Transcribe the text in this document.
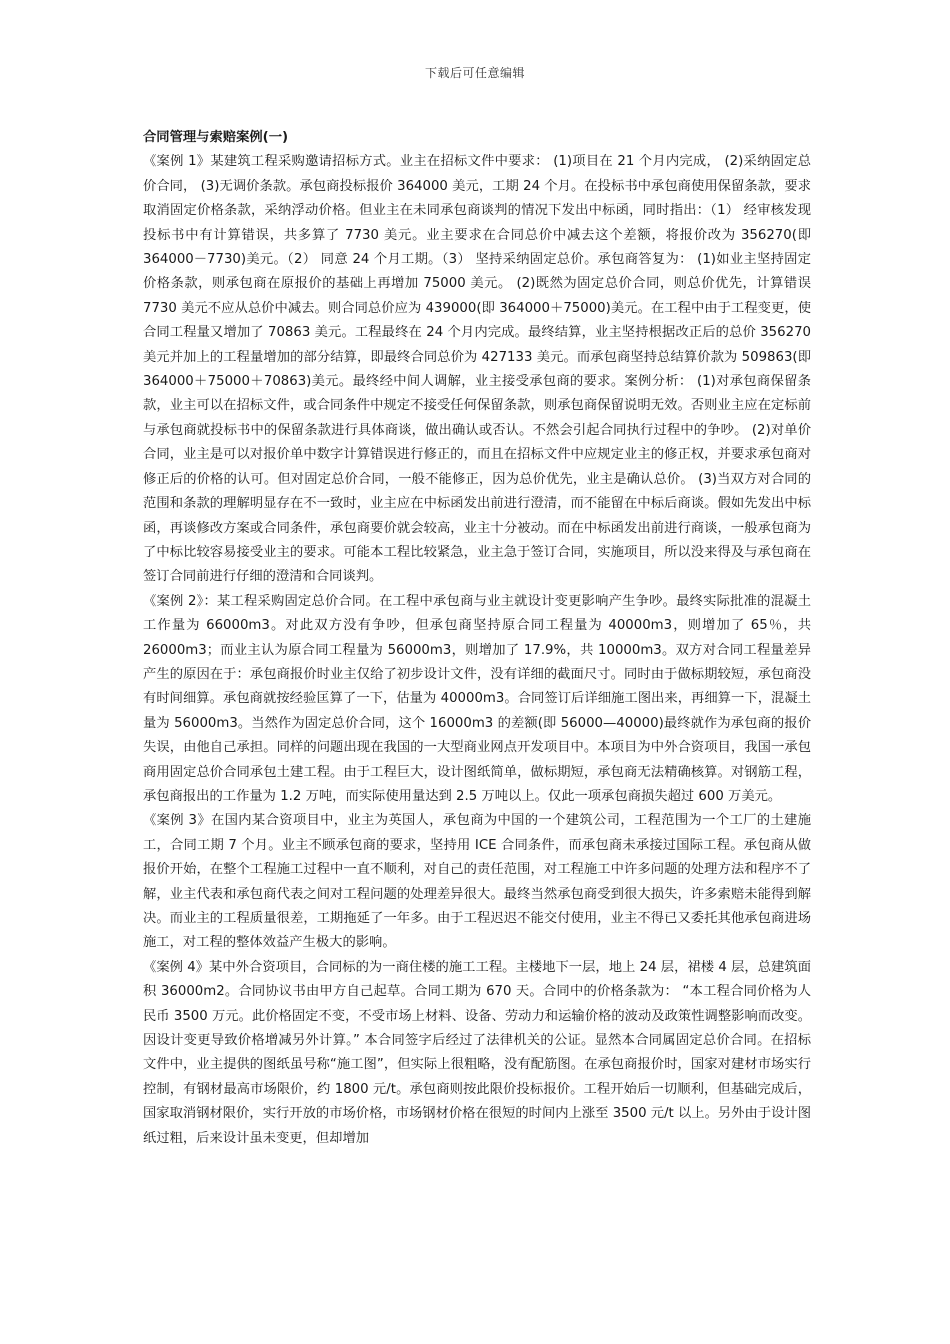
下载后可任意编辑

合同管理与索赔案例(一)

《案例 1》某建筑工程采购邀请招标方式。业主在招标文件中要求： (1)项目在 21 个月内完成， (2)采纳固定总价合同， (3)无调价条款。承包商投标报价 364000 美元，工期 24 个月。在投标书中承包商使用保留条款，要求取消固定价格条款，采纳浮动价格。但业主在未同承包商谈判的情况下发出中标函，同时指出：（1） 经审核发现投标书中有计算错误，共多算了 7730 美元。业主要求在合同总价中减去这个差额，将报价改为 356270(即 364000－7730)美元。（2） 同意 24 个月工期。（3） 坚持采纳固定总价。承包商答复为： (1)如业主坚持固定价格条款，则承包商在原报价的基础上再增加 75000 美元。 (2)既然为固定总价合同，则总价优先，计算错误 7730 美元不应从总价中减去。则合同总价应为 439000(即 364000＋75000)美元。在工程中由于工程变更，使合同工程量又增加了 70863 美元。工程最终在 24 个月内完成。最终结算，业主坚持根据改正后的总价 356270 美元并加上的工程量增加的部分结算，即最终合同总价为 427133 美元。而承包商坚持总结算价款为 509863(即 364000＋75000＋70863)美元。最终经中间人调解，业主接受承包商的要求。案例分析： (1)对承包商保留条款，业主可以在招标文件，或合同条件中规定不接受任何保留条款，则承包商保留说明无效。否则业主应在定标前与承包商就投标书中的保留条款进行具体商谈，做出确认或否认。不然会引起合同执行过程中的争吵。 (2)对单价合同，业主是可以对报价单中数字计算错误进行修正的，而且在招标文件中应规定业主的修正权，并要求承包商对修正后的价格的认可。但对固定总价合同，一般不能修正，因为总价优先，业主是确认总价。 (3)当双方对合同的范围和条款的理解明显存在不一致时，业主应在中标函发出前进行澄清，而不能留在中标后商谈。假如先发出中标函，再谈修改方案或合同条件，承包商要价就会较高，业主十分被动。而在中标函发出前进行商谈，一般承包商为了中标比较容易接受业主的要求。可能本工程比较紧急，业主急于签订合同，实施项目，所以没来得及与承包商在签订合同前进行仔细的澄清和合同谈判。

《案例 2》：某工程采购固定总价合同。在工程中承包商与业主就设计变更影响产生争吵。最终实际批准的混凝土工作量为 66000m3。对此双方没有争吵，但承包商坚持原合同工程量为 40000m3，则增加了 65％，共 26000m3；而业主认为原合同工程量为 56000m3，则增加了 17.9%，共 10000m3。双方对合同工程量差异产生的原因在于：承包商报价时业主仅给了初步设计文件，没有详细的截面尺寸。同时由于做标期较短，承包商没有时间细算。承包商就按经验匡算了一下，估量为 40000m3。合同签订后详细施工图出来，再细算一下，混凝土量为 56000m3。当然作为固定总价合同，这个 16000m3 的差额(即 56000—40000)最终就作为承包商的报价失误，由他自己承担。同样的问题出现在我国的一大型商业网点开发项目中。本项目为中外合资项目，我国一承包商用固定总价合同承包土建工程。由于工程巨大，设计图纸简单，做标期短，承包商无法精确核算。对钢筋工程，承包商报出的工作量为 1.2 万吨，而实际使用量达到 2.5 万吨以上。仅此一项承包商损失超过 600 万美元。

《案例 3》在国内某合资项目中，业主为英国人，承包商为中国的一个建筑公司，工程范围为一个工厂的土建施工，合同工期 7 个月。业主不顾承包商的要求，坚持用 ICE 合同条件，而承包商未承接过国际工程。承包商从做报价开始，在整个工程施工过程中一直不顺利，对自己的责任范围，对工程施工中许多问题的处理方法和程序不了解，业主代表和承包商代表之间对工程问题的处理差异很大。最终当然承包商受到很大损失，许多索赔未能得到解决。而业主的工程质量很差，工期拖延了一年多。由于工程迟迟不能交付使用，业主不得已又委托其他承包商进场施工，对工程的整体效益产生极大的影响。

《案例 4》某中外合资项目，合同标的为一商住楼的施工工程。主楼地下一层，地上 24 层，裙楼 4 层，总建筑面积 36000m2。合同协议书由甲方自己起草。合同工期为 670 天。合同中的价格条款为： “本工程合同价格为人民币 3500 万元。此价格固定不变，不受市场上材料、设备、劳动力和运输价格的波动及政策性调整影响而改变。因设计变更导致价格增减另外计算。” 本合同签字后经过了法律机关的公证。显然本合同属固定总价合同。在招标文件中，业主提供的图纸虽号称“施工图”，但实际上很粗略，没有配筋图。在承包商报价时，国家对建材市场实行控制，有钢材最高市场限价，约 1800 元/t。承包商则按此限价投标报价。工程开始后一切顺利，但基础完成后，国家取消钢材限价，实行开放的市场价格，市场钢材价格在很短的时间内上涨至 3500 元/t 以上。另外由于设计图纸过粗，后来设计虽未变更，但却增加
